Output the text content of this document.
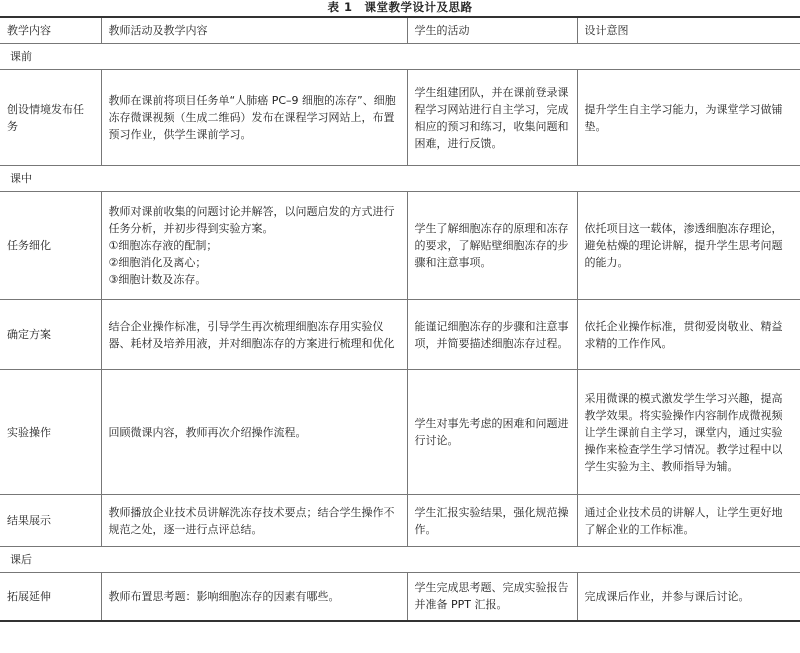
表 1　课堂教学设计及思路
教学内容	教师活动及教学内容	学生的活动	设计意图
课前			
创设情境发布任务	教师在课前将项目任务单“人肺癌 PC–9 细胞的冻存”、细胞冻存微课视频（生成二维码）发布在课程学习网站上，布置预习作业，供学生课前学习。	学生组建团队，并在课前登录课程学习网站进行自主学习，完成相应的预习和练习，收集问题和困难，进行反馈。	提升学生自主学习能力，为课堂学习做铺垫。
课中			
任务细化	教师对课前收集的问题讨论并解答，以问题启发的方式进行任务分析，并初步得到实验方案。
①细胞冻存液的配制；
②细胞消化及离心；
③细胞计数及冻存。	学生了解细胞冻存的原理和冻存的要求，了解贴壁细胞冻存的步骤和注意事项。	依托项目这一载体，渗透细胞冻存理论，避免枯燥的理论讲解，提升学生思考问题的能力。
确定方案	结合企业操作标准，引导学生再次梳理细胞冻存用实验仪器、耗材及培养用液，并对细胞冻存的方案进行梳理和优化	能谨记细胞冻存的步骤和注意事项，并简要描述细胞冻存过程。	依托企业操作标准，贯彻爱岗敬业、精益求精的工作作风。
实验操作	回顾微课内容，教师再次介绍操作流程。	学生对事先考虑的困难和问题进行讨论。	采用微课的模式激发学生学习兴趣，提高教学效果。将实验操作内容制作成微视频让学生课前自主学习，课堂内，通过实验操作来检查学生学习情况。教学过程中以学生实验为主、教师指导为辅。
结果展示	教师播放企业技术员讲解洗冻存技术要点；结合学生操作不规范之处，逐一进行点评总结。	学生汇报实验结果，强化规范操作。	通过企业技术员的讲解人，让学生更好地了解企业的工作标准。
课后			
拓展延伸	教师布置思考题：影响细胞冻存的因素有哪些。	学生完成思考题、完成实验报告并准备 PPT 汇报。	完成课后作业，并参与课后讨论。
